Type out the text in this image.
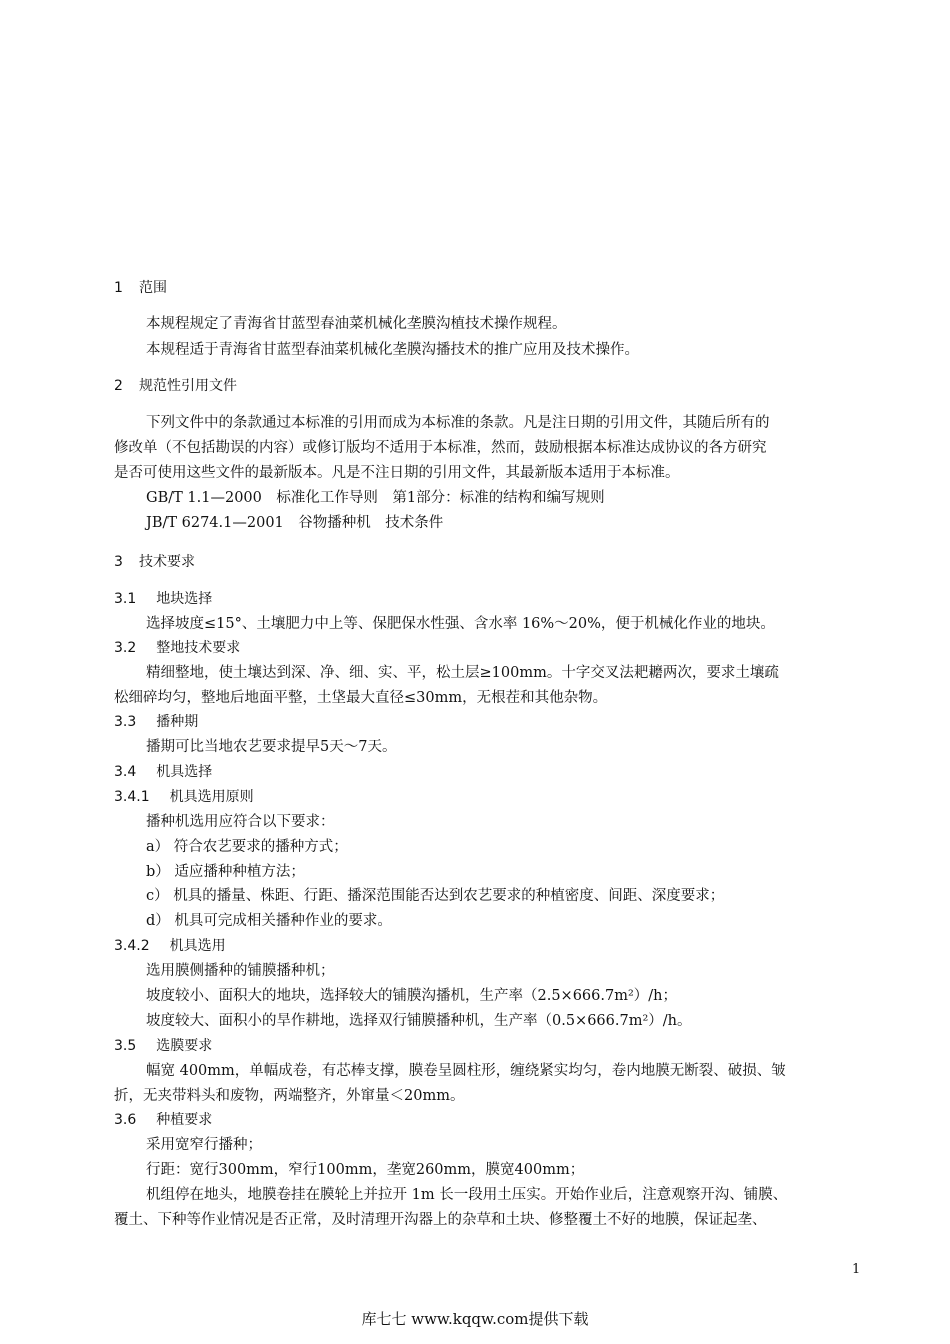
1 范围
本规程规定了青海省甘蓝型春油菜机械化垄膜沟植技术操作规程。
本规程适于青海省甘蓝型春油菜机械化垄膜沟播技术的推广应用及技术操作。
2 规范性引用文件
下列文件中的条款通过本标准的引用而成为本标准的条款。凡是注日期的引用文件，其随后所有的
修改单（不包括勘误的内容）或修订版均不适用于本标准，然而，鼓励根据本标准达成协议的各方研究
是否可使用这些文件的最新版本。凡是不注日期的引用文件，其最新版本适用于本标准。
GB/T 1.1—2000　标准化工作导则　第1部分：标准的结构和编写规则
JB/T 6274.1—2001　谷物播种机　技术条件
3 技术要求
3.1 地块选择
选择坡度≤15°、土壤肥力中上等、保肥保水性强、含水率 16%～20%，便于机械化作业的地块。
3.2 整地技术要求
精细整地，使土壤达到深、净、细、实、平，松土层≥100mm。十字交叉法耙耱两次，要求土壤疏
松细碎均匀，整地后地面平整，土垡最大直径≤30mm，无根茬和其他杂物。
3.3 播种期
播期可比当地农艺要求提早5天～7天。
3.4 机具选择
3.4.1 机具选用原则
播种机选用应符合以下要求：
a） 符合农艺要求的播种方式；
b） 适应播种种植方法；
c） 机具的播量、株距、行距、播深范围能否达到农艺要求的种植密度、间距、深度要求；
d） 机具可完成相关播种作业的要求。
3.4.2 机具选用
选用膜侧播种的铺膜播种机；
坡度较小、面积大的地块，选择较大的铺膜沟播机，生产率（2.5×666.7m²）/h；
坡度较大、面积小的旱作耕地，选择双行铺膜播种机，生产率（0.5×666.7m²）/h。
3.5 选膜要求
幅宽 400mm，单幅成卷，有芯棒支撑，膜卷呈圆柱形，缠绕紧实均匀，卷内地膜无断裂、破损、皱
折，无夹带料头和废物，两端整齐，外窜量＜20mm。
3.6 种植要求
采用宽窄行播种；
行距：宽行300mm，窄行100mm，垄宽260mm，膜宽400mm；
机组停在地头，地膜卷挂在膜轮上并拉开 1m 长一段用土压实。开始作业后，注意观察开沟、铺膜、
覆土、下种等作业情况是否正常，及时清理开沟器上的杂草和土块、修整覆土不好的地膜，保证起垄、
1
库七七 www.kqqw.com提供下载
